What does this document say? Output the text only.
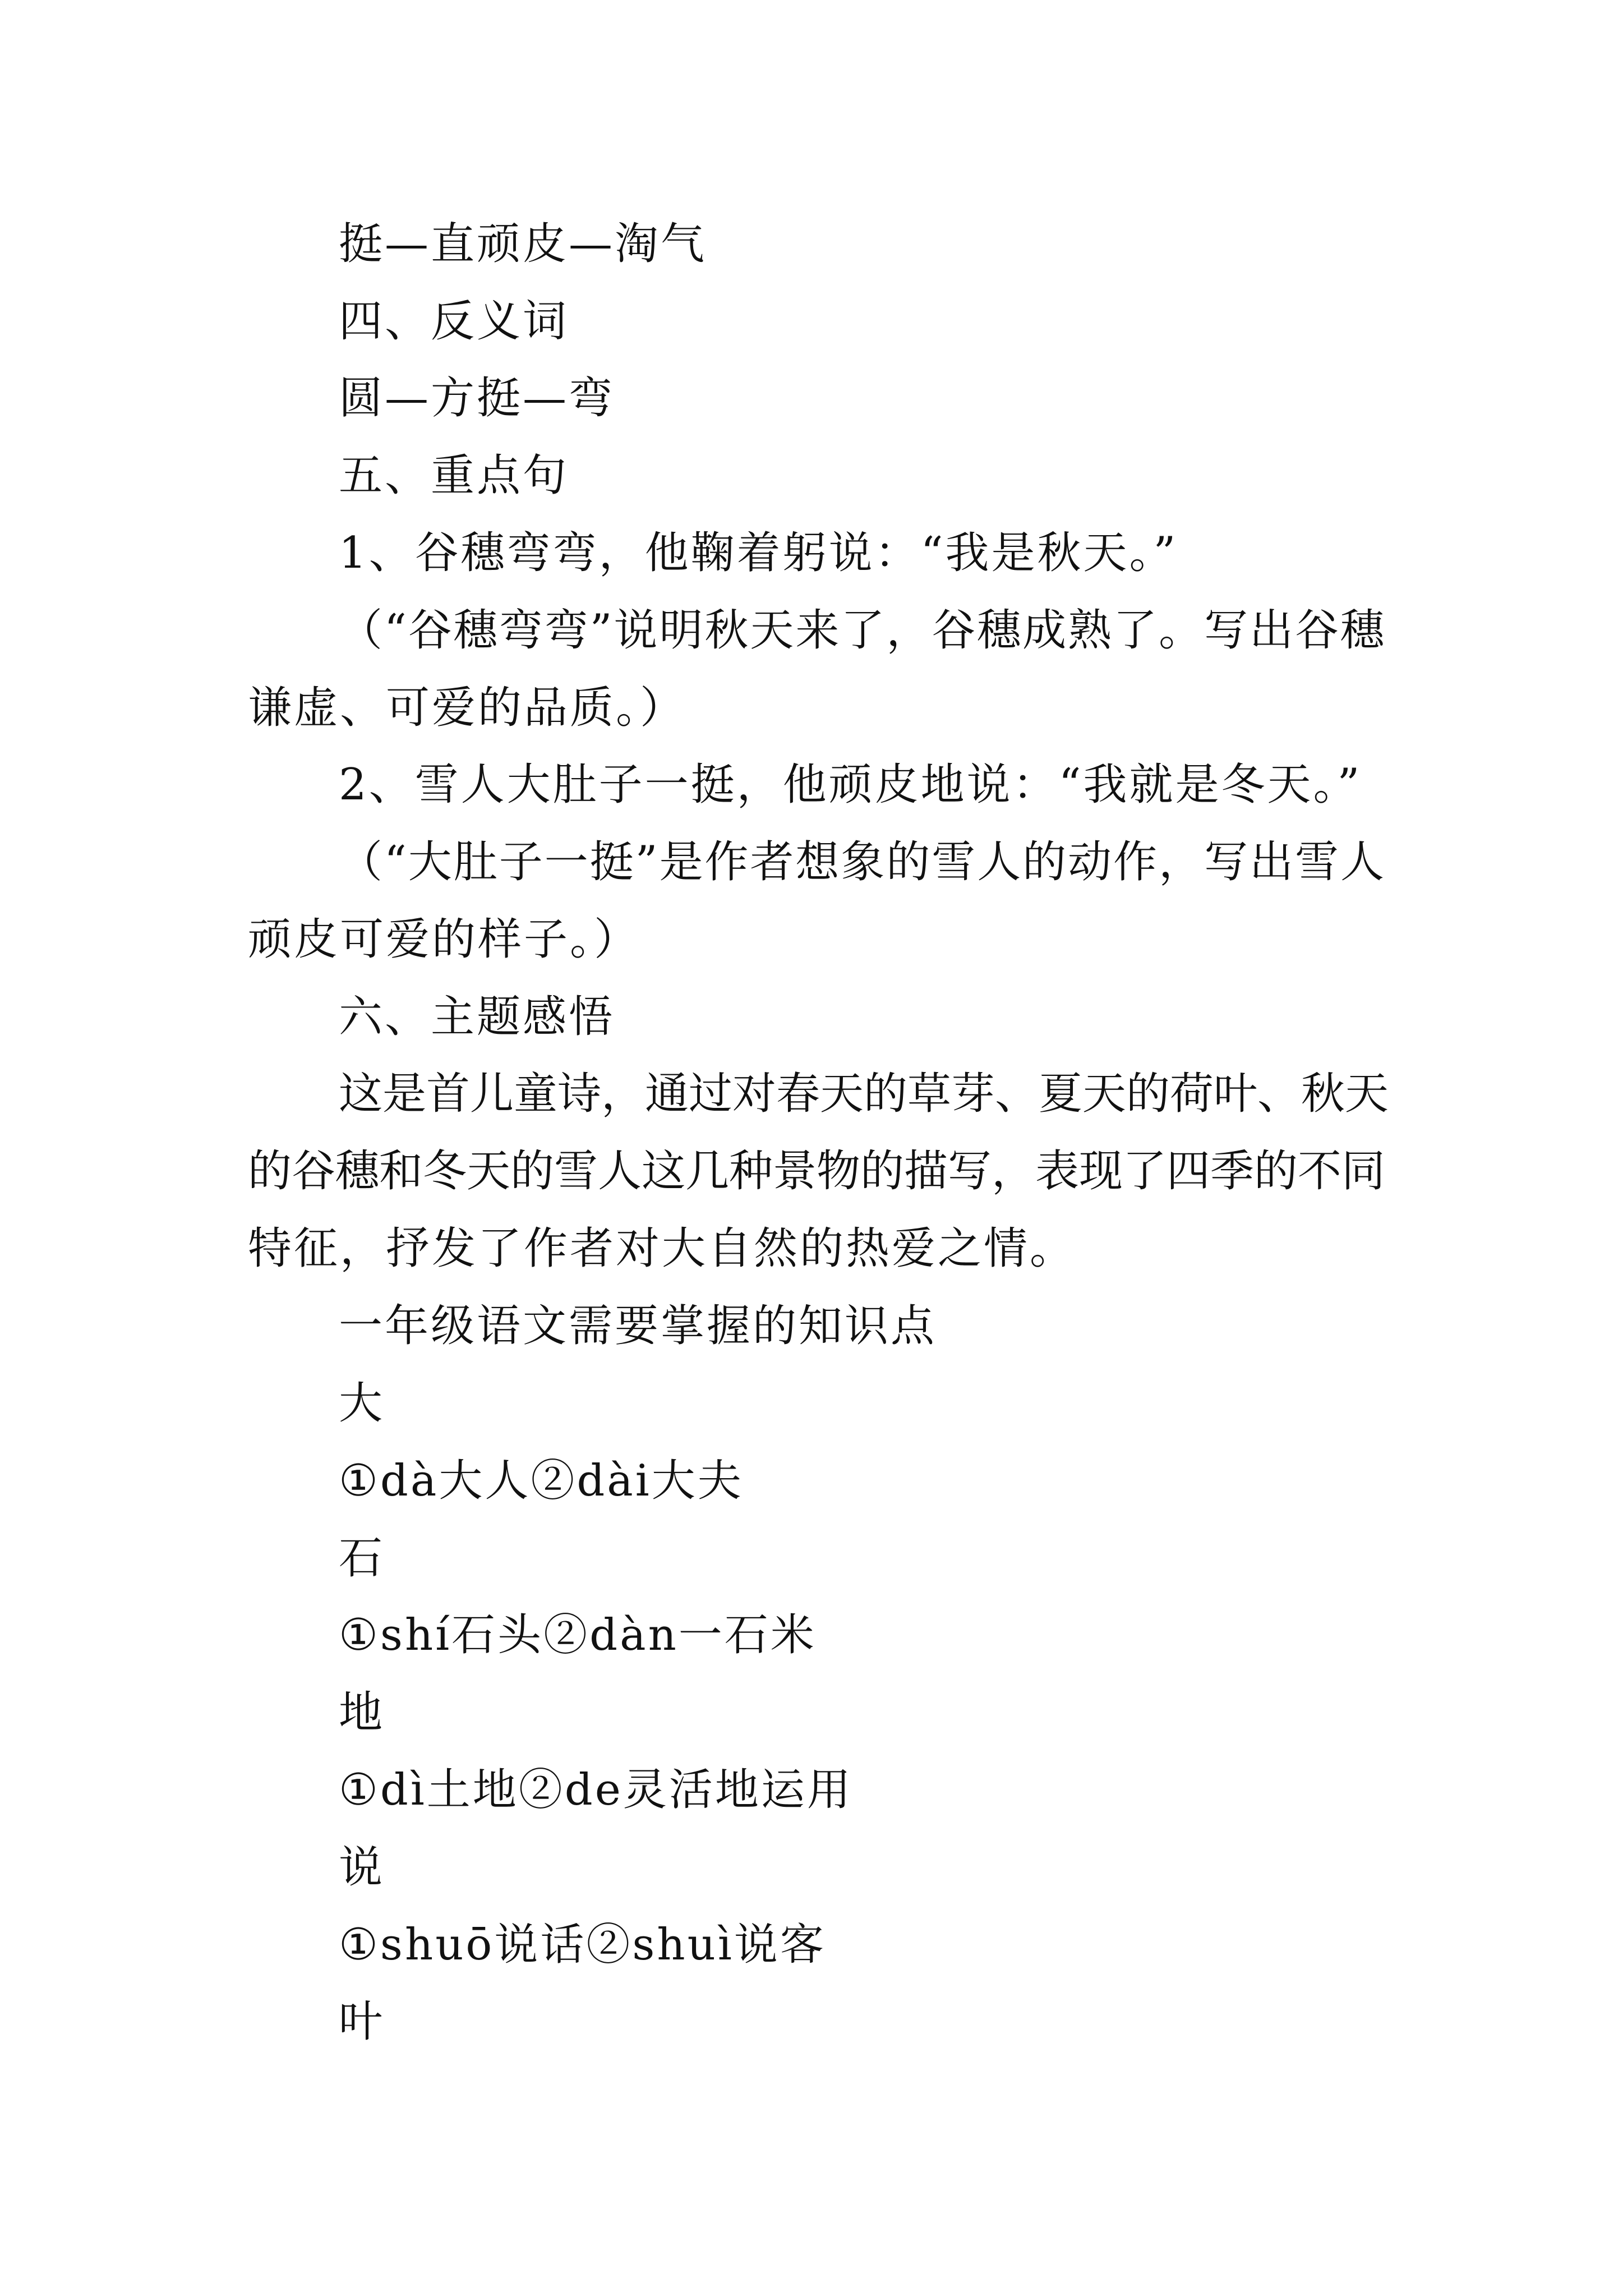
挺—直顽皮—淘气
四、反义词
圆—方挺—弯
五、重点句
1、谷穗弯弯，他鞠着躬说：“我是秋天。”
（“谷穗弯弯”说明秋天来了，谷穗成熟了。写出谷穗
谦虚、可爱的品质。）
2、雪人大肚子一挺，他顽皮地说：“我就是冬天。”
（“大肚子一挺”是作者想象的雪人的动作，写出雪人
顽皮可爱的样子。）
六、主题感悟
这是首儿童诗，通过对春天的草芽、夏天的荷叶、秋天
的谷穗和冬天的雪人这几种景物的描写，表现了四季的不同
特征，抒发了作者对大自然的热爱之情。
一年级语文需要掌握的知识点
大
①dà大人②dài大夫
石
①shí石头②dàn一石米
地
①dì土地②de灵活地运用
说
①shuō说话②shuì说客
叶
